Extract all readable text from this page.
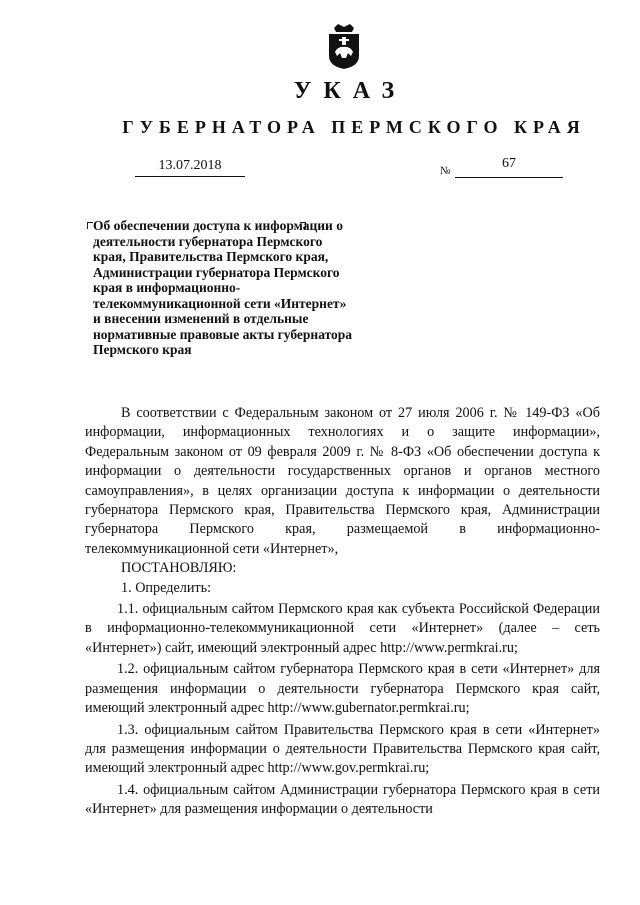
УКАЗ
ГУБЕРНАТОРА ПЕРМСКОГО КРАЯ
13.07.2018	№	67
Об обеспечении доступа к информации о деятельности губернатора Пермского края, Правительства Пермского края, Администрации губернатора Пермского края в информационно-телекоммуникационной сети «Интернет» и внесении изменений в отдельные нормативные правовые акты губернатора Пермского края

В соответствии с Федеральным законом от 27 июля 2006 г. № 149-ФЗ «Об информации, информационных технологиях и о защите информации», Федеральным законом от 09 февраля 2009 г. № 8-ФЗ «Об обеспечении доступа к информации о деятельности государственных органов и органов местного самоуправления», в целях организации доступа к информации о деятельности губернатора Пермского края, Правительства Пермского края, Администрации губернатора Пермского края, размещаемой в информационно-телекоммуникационной сети «Интернет»,

ПОСТАНОВЛЯЮ:

1. Определить:

1.1. официальным сайтом Пермского края как субъекта Российской Федерации в информационно-телекоммуникационной сети «Интернет» (далее – сеть «Интернет») сайт, имеющий электронный адрес http://www.permkrai.ru;

1.2. официальным сайтом губернатора Пермского края в сети «Интернет» для размещения информации о деятельности губернатора Пермского края сайт, имеющий электронный адрес http://www.gubernator.permkrai.ru;

1.3. официальным сайтом Правительства Пермского края в сети «Интернет» для размещения информации о деятельности Правительства Пермского края сайт, имеющий электронный адрес http://www.gov.permkrai.ru;

1.4. официальным сайтом Администрации губернатора Пермского края в сети «Интернет» для размещения информации о деятельности
